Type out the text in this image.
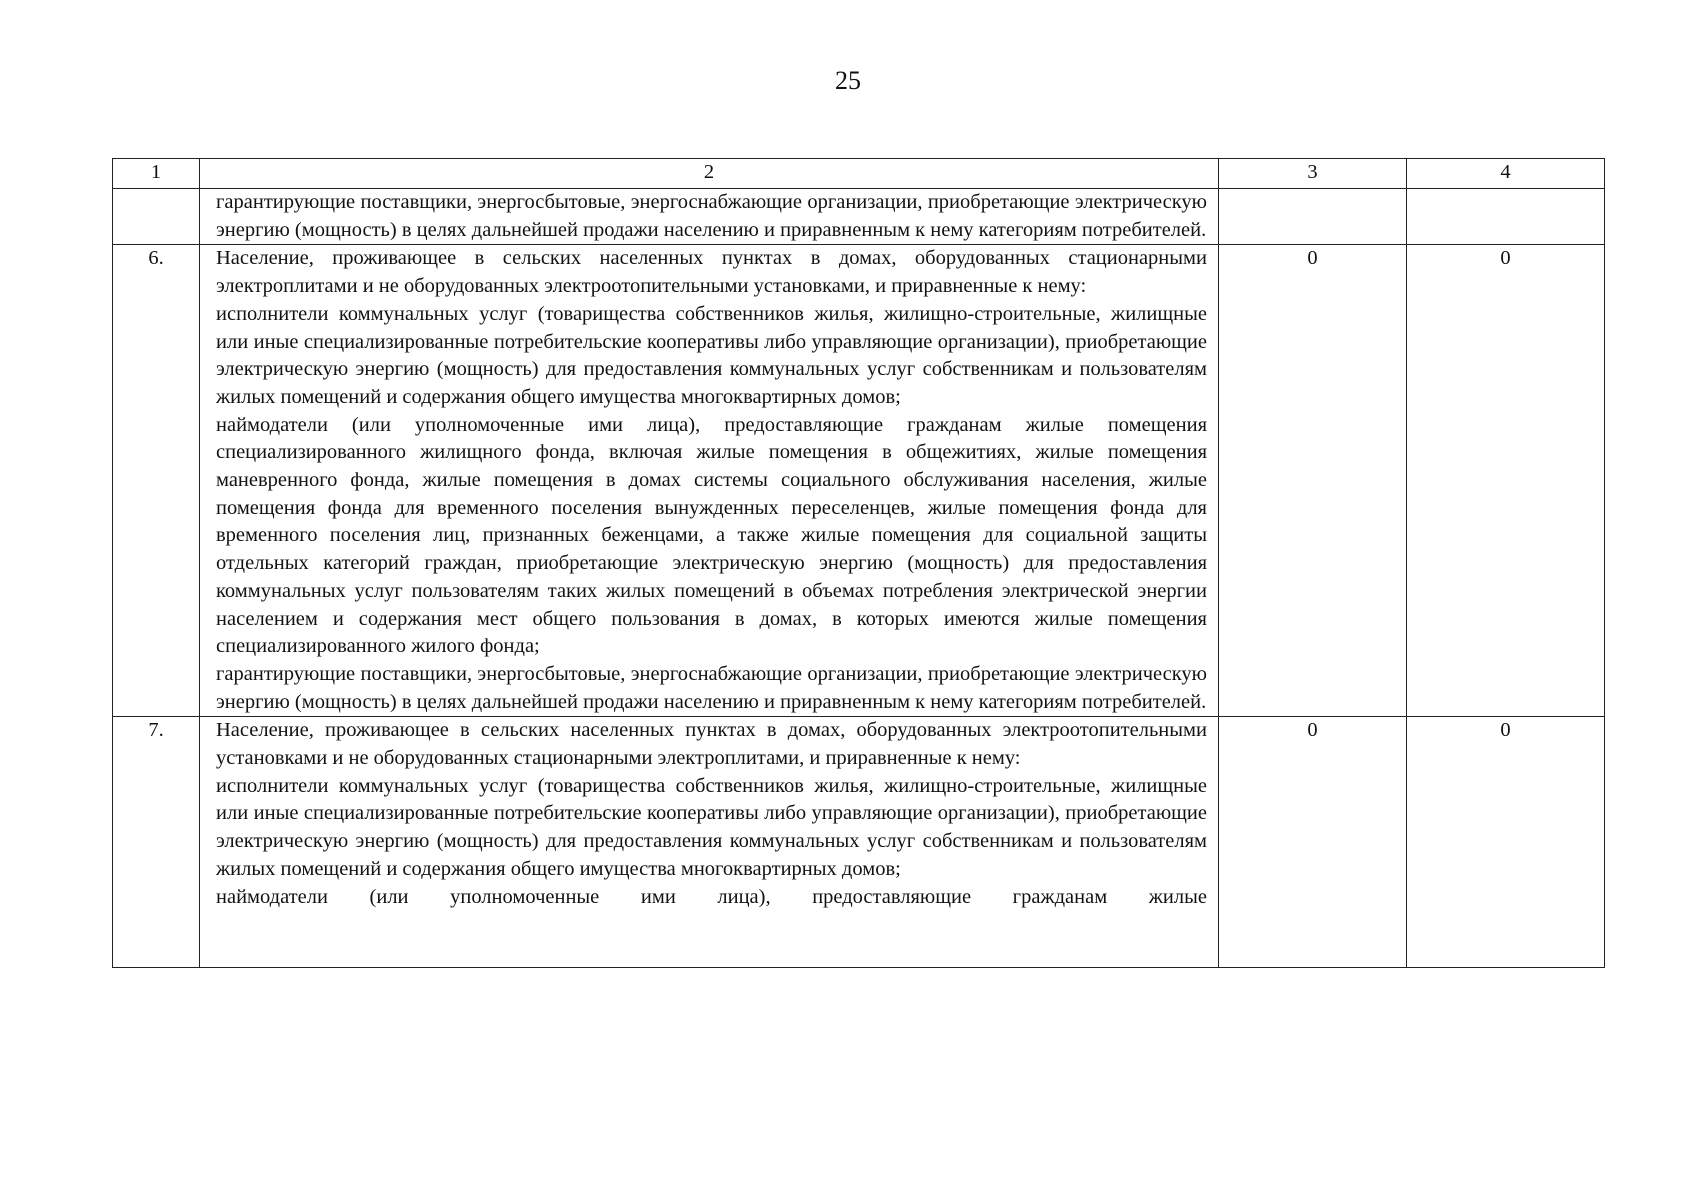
25
1	2	3	4

	гарантирующие поставщики, энергосбытовые, энергоснабжающие организации, приобретающие электрическую энергию (мощность) в целях дальнейшей продажи населению и приравненным к нему категориям потребителей.		

6.	Население, проживающее в сельских населенных пунктах в домах, оборудованных стационарными электроплитами и не оборудованных электроотопительными установками, и приравненные к нему:
исполнители коммунальных услуг (товарищества собственников жилья, жилищно-строительные, жилищные или иные специализированные потребительские кооперативы либо управляющие организации), приобретающие электрическую энергию (мощность) для предоставления коммунальных услуг собственникам и пользователям жилых помещений и содержания общего имущества многоквартирных домов;
наймодатели (или уполномоченные ими лица), предоставляющие гражданам жилые помещения специализированного жилищного фонда, включая жилые помещения в общежитиях, жилые помещения маневренного фонда, жилые помещения в домах системы социального обслуживания населения, жилые помещения фонда для временного поселения вынужденных переселенцев, жилые помещения фонда для временного поселения лиц, признанных беженцами, а также жилые помещения для социальной защиты отдельных категорий граждан, приобретающие электрическую энергию (мощность) для предоставления коммунальных услуг пользователям таких жилых помещений в объемах потребления электрической энергии населением и содержания мест общего пользования в домах, в которых имеются жилые помещения специализированного жилого фонда;
гарантирующие поставщики, энергосбытовые, энергоснабжающие организации, приобретающие электрическую энергию (мощность) в целях дальнейшей продажи населению и приравненным к нему категориям потребителей.	0	0
7.	Население, проживающее в сельских населенных пунктах в домах, оборудованных электроотопительными установками и не оборудованных стационарными электроплитами, и приравненные к нему:
исполнители коммунальных услуг (товарищества собственников жилья, жилищно-строительные, жилищные или иные специализированные потребительские кооперативы либо управляющие организации), приобретающие электрическую энергию (мощность) для предоставления коммунальных услуг собственникам и пользователям жилых помещений и содержания общего имущества многоквартирных домов;
наймодатели (или уполномоченные ими лица), предоставляющие гражданам жилые	0	0
